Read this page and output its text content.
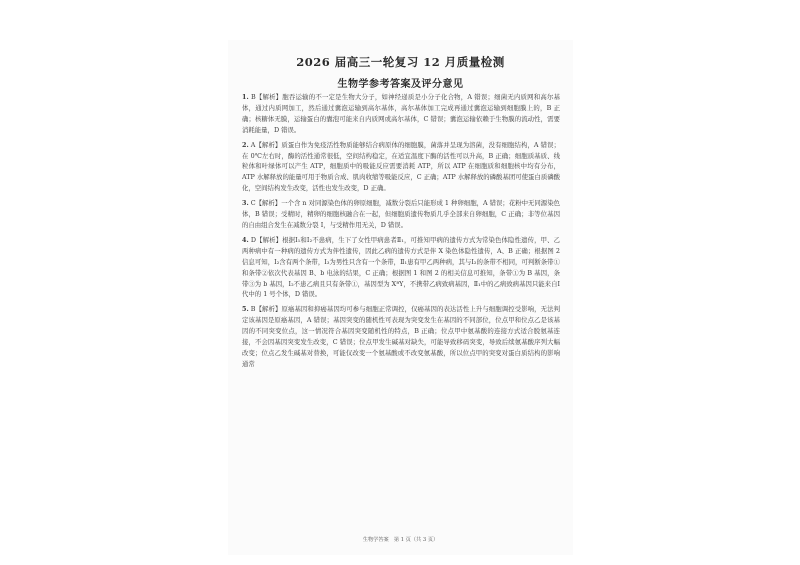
2026 届高三一轮复习 12 月质量检测
生物学参考答案及评分意见

1. B【解析】胞吞运输的不一定是生物大分子，如神经递质是小分子化合物，A 错误；细菌无内质网和高尔基体，通过内质网加工，然后通过囊泡运输到高尔基体，高尔基体加工完成再通过囊泡运输到细胞膜上的，B 正确；核糖体无膜，运输蛋白的囊泡可能来自内质网或高尔基体，C 错误；囊泡运输依赖于生物膜的流动性，需要消耗能量，D 错误。

2. A【解析】质蛋白作为免疫活性物质能够结合病原体的细胞膜，菌落并呈现为溶菌，没有细胞结构，A 错误；在 0℃左右时，酶的活性通常很低，空间结构稳定，在适宜温度下酶的活性可以升高，B 正确；细胞质基质、线粒体和叶绿体可以产生 ATP，细胞质中的吸能反应需要消耗 ATP，所以 ATP 在细胞质和细胞核中均有分布，ATP 水解释放的能量可用于物质合成、肌肉收缩等吸能反应，C 正确；ATP 水解释放的磷酸基团可使蛋白质磷酸化，空间结构发生改变，活性也发生改变，D 正确。

3. C【解析】一个含 n 对同源染色体的卵原细胞，减数分裂后只能形成 1 种卵细胞，A 错误；花粉中无同源染色体，B 错误；受精时，精卵的细胞核融合在一起，但细胞质遗传物质几乎全部来自卵细胞，C 正确；非等位基因的自由组合发生在减数分裂 Ⅰ，与受精作用无关，D 错误。

4. D【解析】根据Ⅰ₁和Ⅰ₂不患病，生下了女性甲病患者Ⅱ₁，可推知甲病的遗传方式为常染色体隐性遗传，甲、乙两种病中有一种病的遗传方式为伴性遗传，因此乙病的遗传方式是伴 X 染色体隐性遗传，A、B 正确；根据图 2 信息可知，Ⅰ₂含有两个条带，Ⅰ₃为男性只含有一个条带，Ⅱ₁患有甲乙两种病，其与Ⅰ₂的条带不相同，可判断条带①和条带②依次代表基因 B、b 电泳的结果，C 正确；根据图 1 和图 2 的相关信息可推知，条带①为 B 基因，条带③为 b 基因，Ⅰ₂不患乙病且只有条带①，基因型为 XᴮY，不携带乙病致病基因，Ⅱ₁中的乙病致病基因只能来自Ⅰ代中的 1 号个体，D 错误。

5. B【解析】原癌基因和抑癌基因均可参与细胞正常调控，仅癌基因的表达活性上升与细胞调控受影响，无法判定该基因是原癌基因，A 错误；基因突变的随机性可表现为突变发生在基因的不同部位，位点甲和位点乙是该基因的不同突变位点，这一情况符合基因突变随机性的特点，B 正确；位点甲中氨基酸的连接方式适合脱氨基连接，不会因基因突变发生改变，C 错误；位点甲发生碱基对缺失，可能导致移码突变，导致后续氨基酸序列大幅改变；位点乙发生碱基对替换，可能仅改变一个氨基酸或不改变氨基酸，所以位点甲的突变对蛋白质结构的影响通常

生物学答案　第 1 页（共 3 页）
